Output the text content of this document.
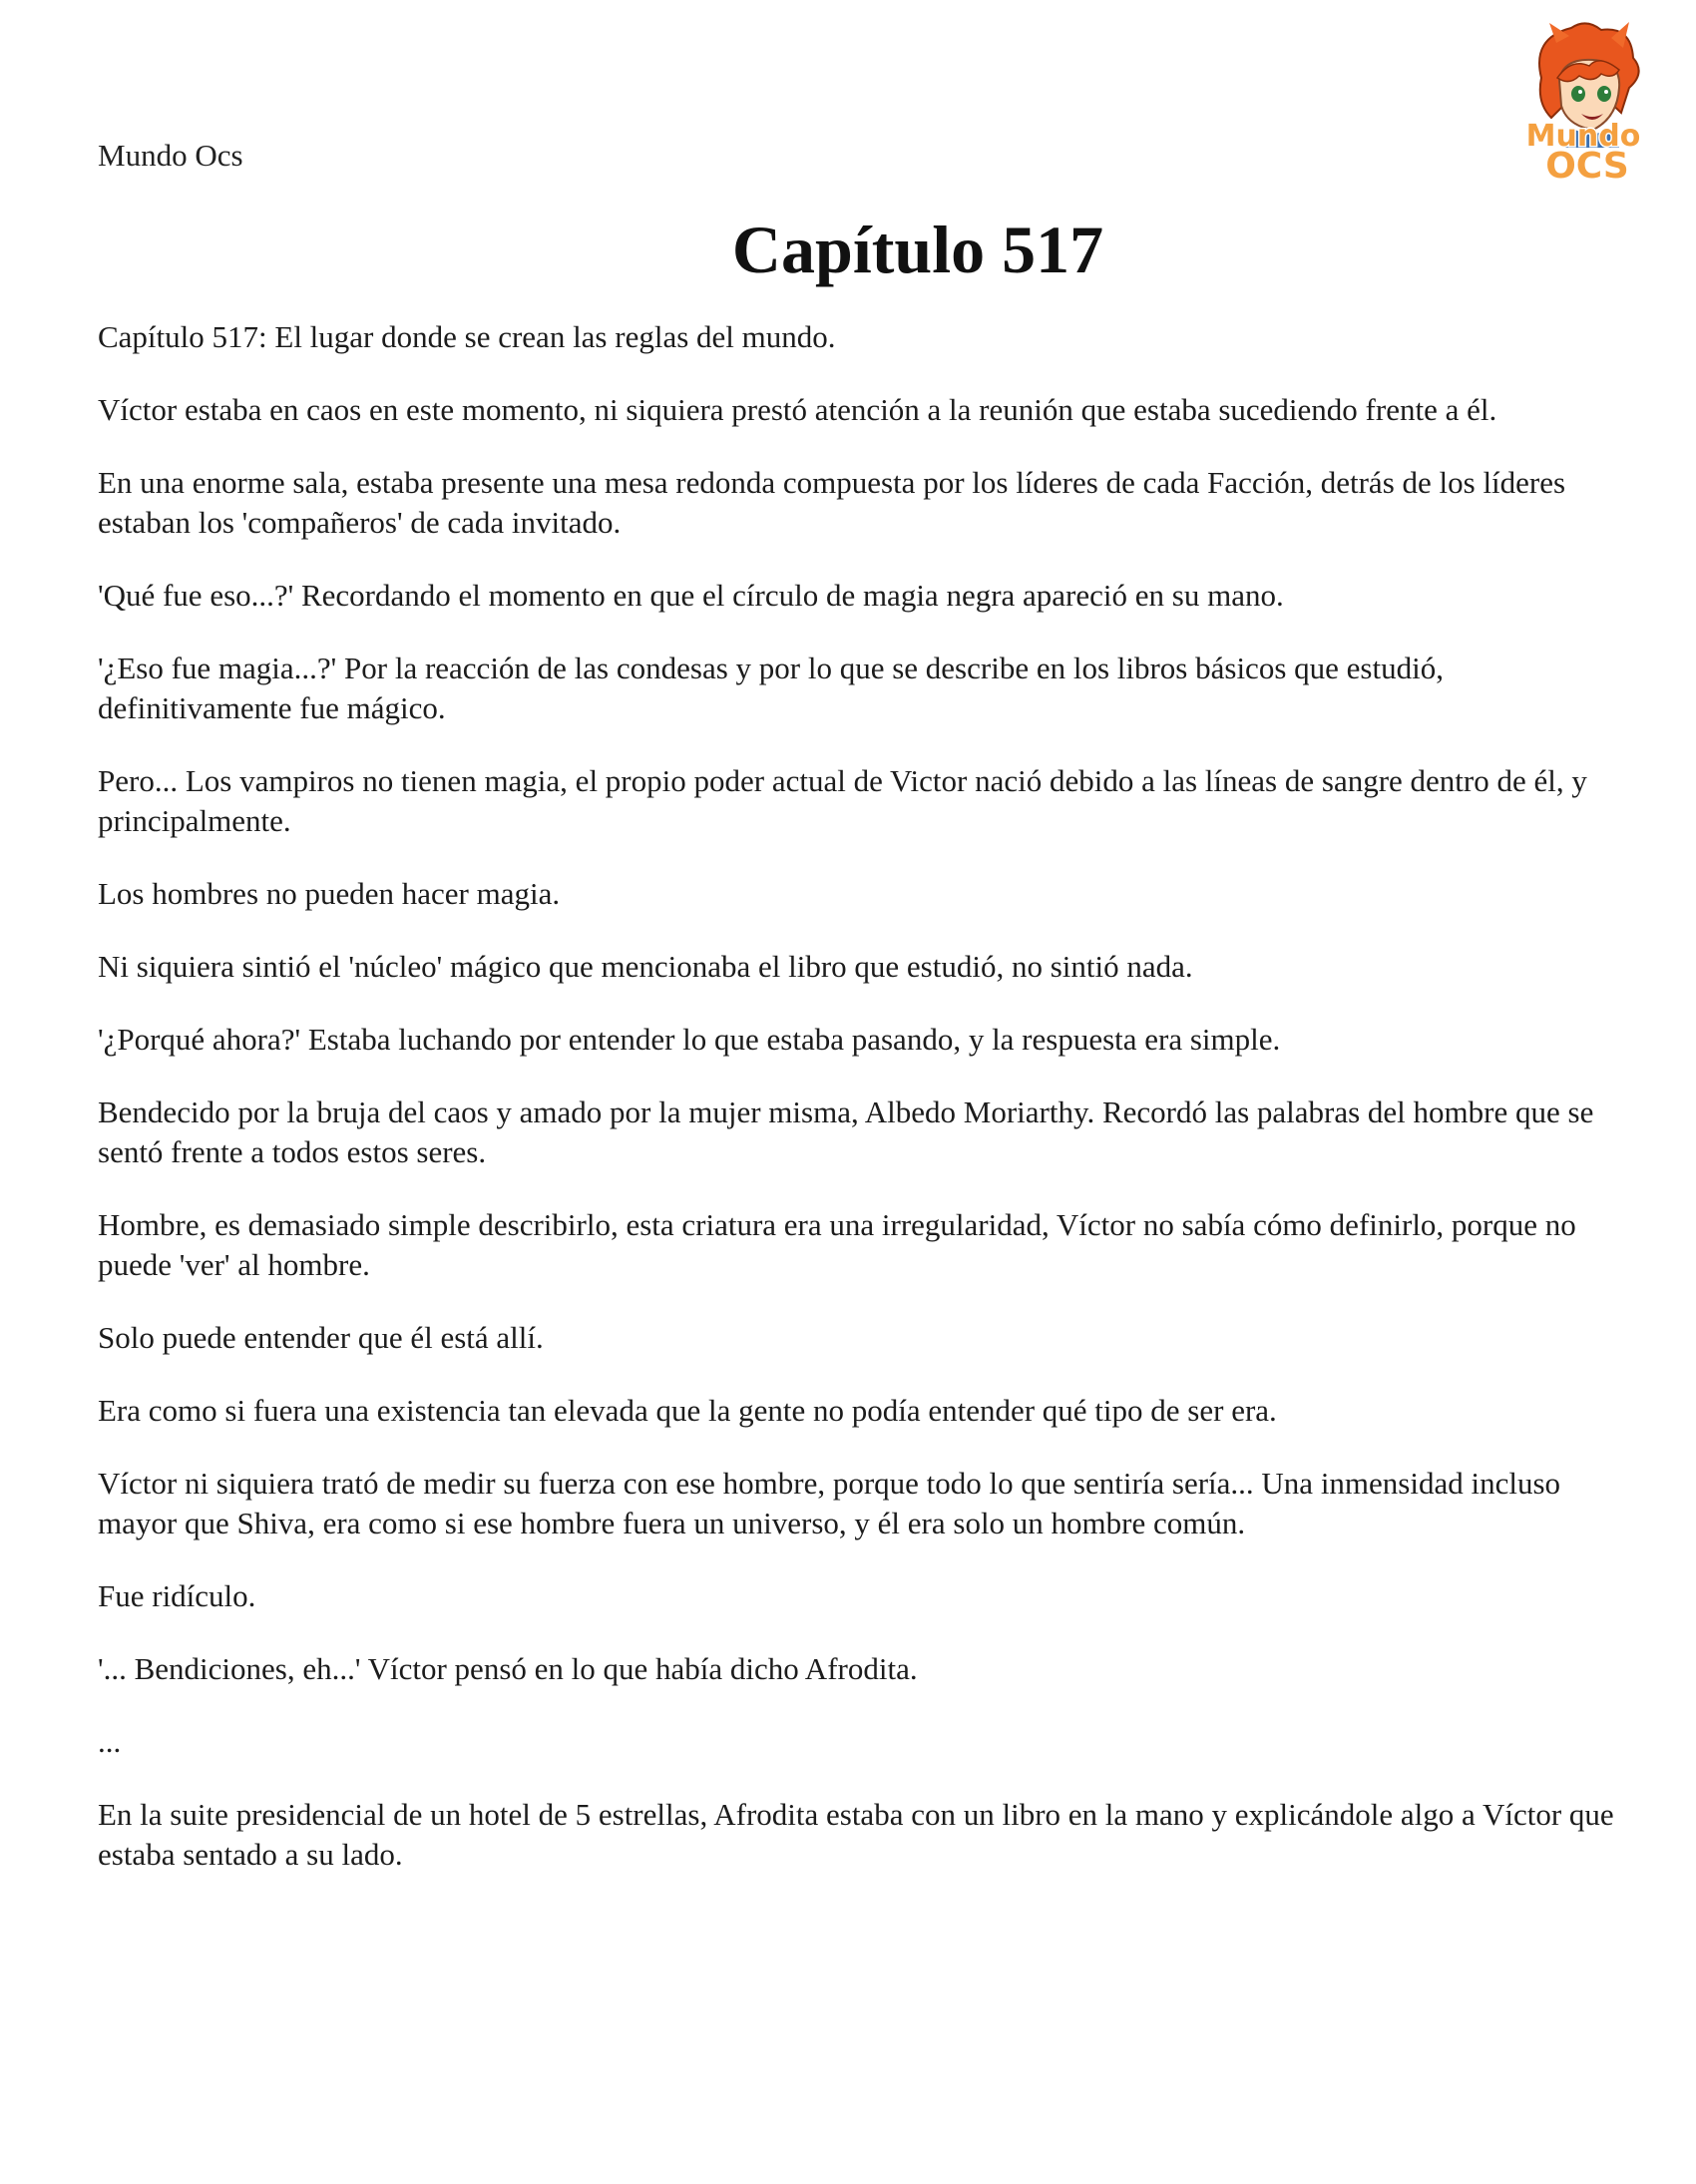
Mundo Ocs
Mundo
OCS
Capítulo 517

Capítulo 517: El lugar donde se crean las reglas del mundo.

Víctor estaba en caos en este momento, ni siquiera prestó atención a la reunión que estaba sucediendo frente a él.

En una enorme sala, estaba presente una mesa redonda compuesta por los líderes de cada Facción, detrás de los líderes estaban los 'compañeros' de cada invitado.

'Qué fue eso...?' Recordando el momento en que el círculo de magia negra apareció en su mano.

'¿Eso fue magia...?' Por la reacción de las condesas y por lo que se describe en los libros básicos que estudió, definitivamente fue mágico.

Pero... Los vampiros no tienen magia, el propio poder actual de Victor nació debido a las líneas de sangre dentro de él, y principalmente.

Los hombres no pueden hacer magia.

Ni siquiera sintió el 'núcleo' mágico que mencionaba el libro que estudió, no sintió nada.

'¿Porqué ahora?' Estaba luchando por entender lo que estaba pasando, y la respuesta era simple.

Bendecido por la bruja del caos y amado por la mujer misma, Albedo Moriarthy. Recordó las palabras del hombre que se sentó frente a todos estos seres.

Hombre, es demasiado simple describirlo, esta criatura era una irregularidad, Víctor no sabía cómo definirlo, porque no puede 'ver' al hombre.

Solo puede entender que él está allí.

Era como si fuera una existencia tan elevada que la gente no podía entender qué tipo de ser era.

Víctor ni siquiera trató de medir su fuerza con ese hombre, porque todo lo que sentiría sería... Una inmensidad incluso mayor que Shiva, era como si ese hombre fuera un universo, y él era solo un hombre común.

Fue ridículo.

'... Bendiciones, eh...' Víctor pensó en lo que había dicho Afrodita.

...

En la suite presidencial de un hotel de 5 estrellas, Afrodita estaba con un libro en la mano y explicándole algo a Víctor que estaba sentado a su lado.
